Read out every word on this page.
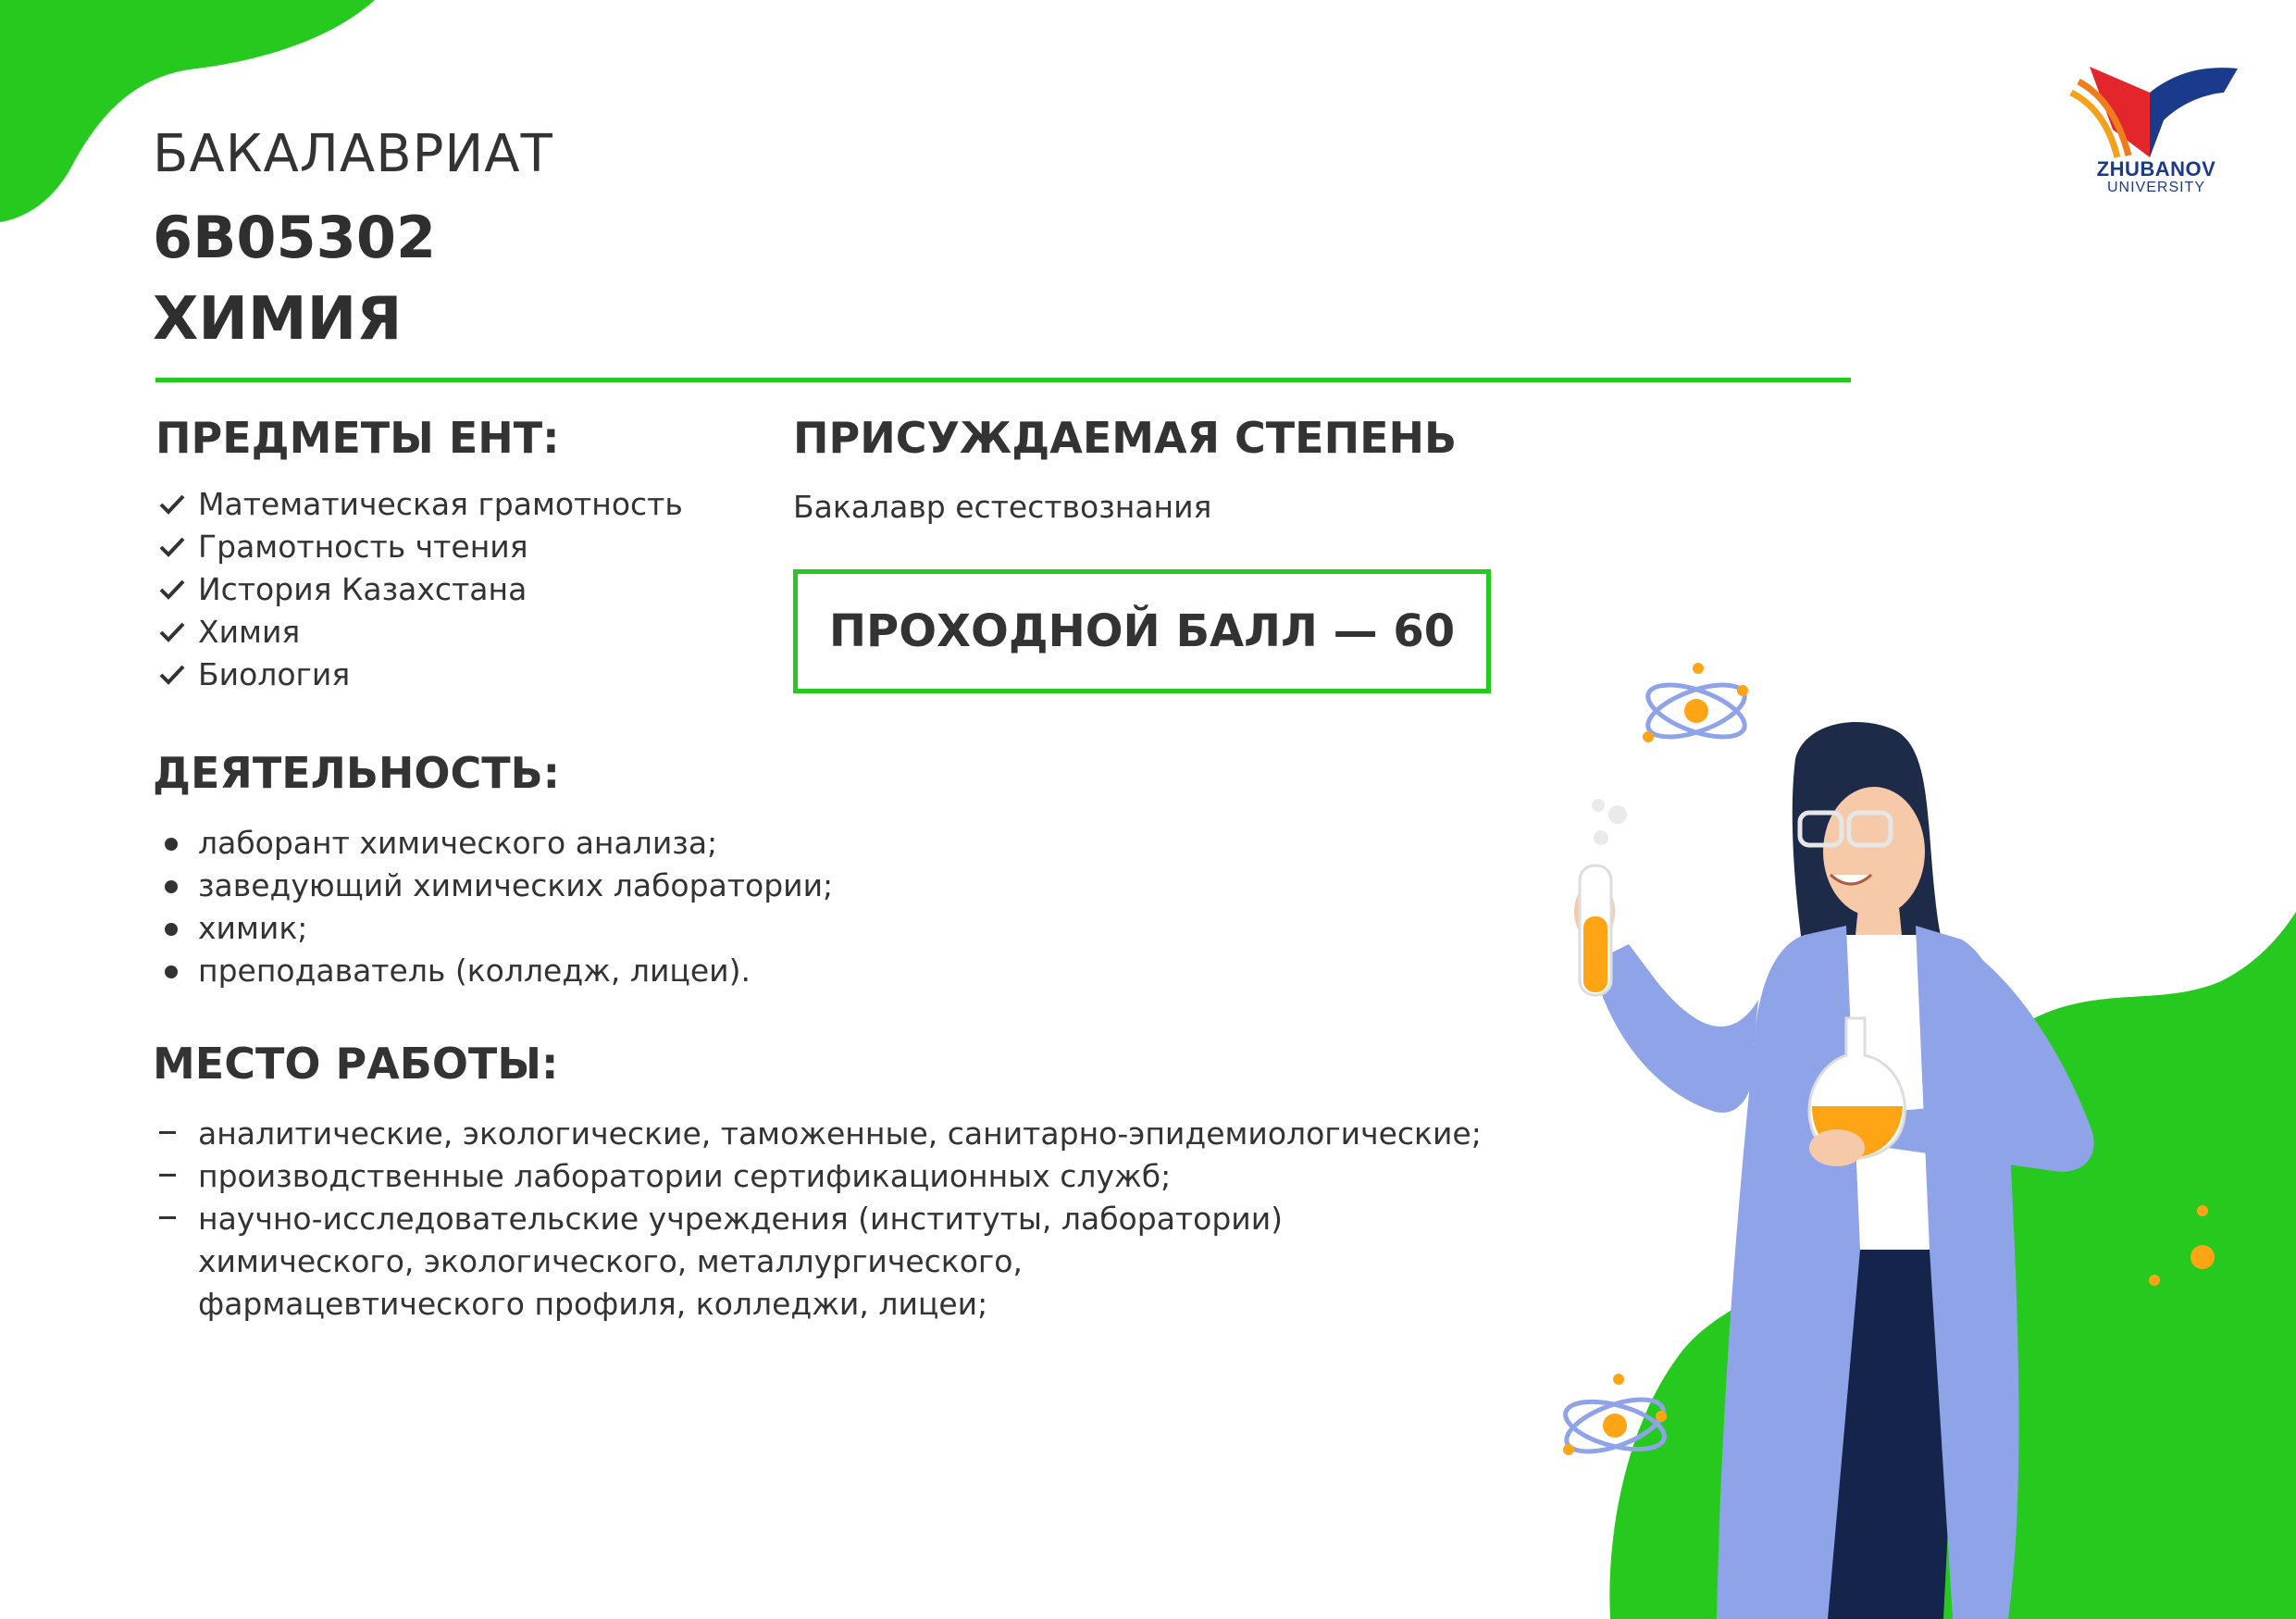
ZHUBANOV
UNIVERSITY
БАКАЛАВРИАТ
6B05302
ХИМИЯ
ПРЕДМЕТЫ ЕНТ:
Математическая грамотность
Грамотность чтения
История Казахстана
Химия
Биология
ПРИСУЖДАЕМАЯ СТЕПЕНЬ
Бакалавр естествознания
ПРОХОДНОЙ БАЛЛ — 60
ДЕЯТЕЛЬНОСТЬ:
лаборант химического анализа;
заведующий химических лаборатории;
химик;
преподаватель (колледж, лицеи).
МЕСТО РАБОТЫ:
аналитические, экологические, таможенные, санитарно-эпидемиологические;
производственные лаборатории сертификационных служб;
научно-исследовательские учреждения (институты, лаборатории)
химического, экологического, металлургического,
фармацевтического профиля, колледжи, лицеи;
